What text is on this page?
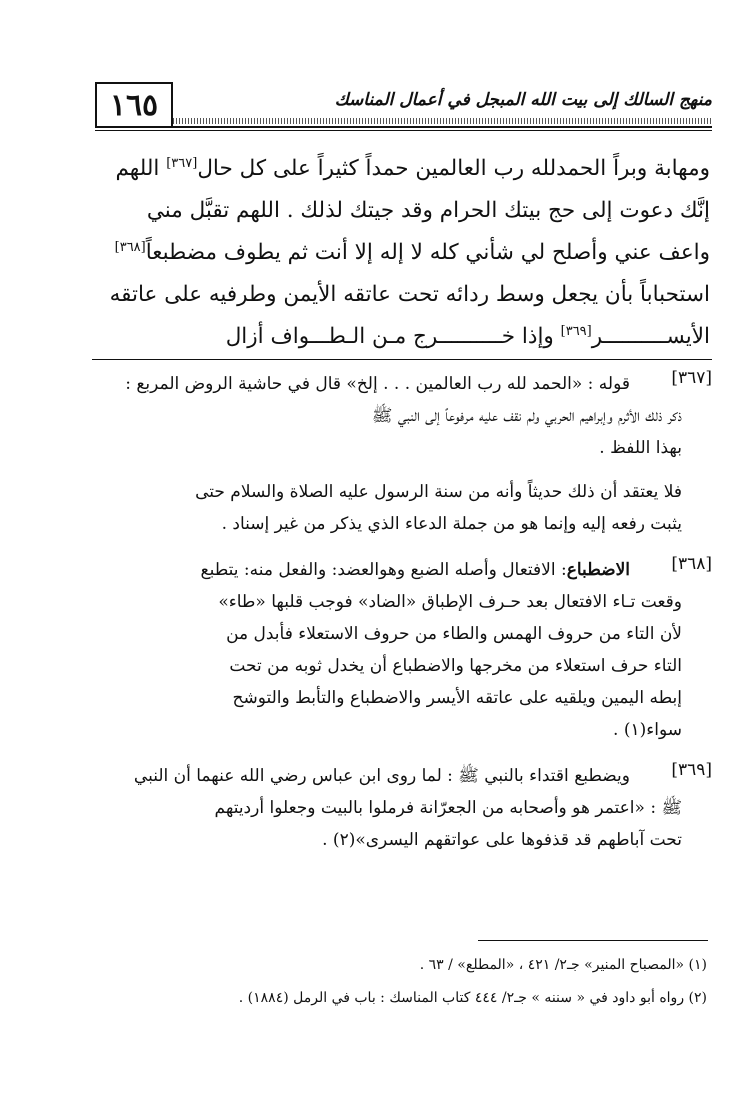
١٦٥	منهج السالك إلى بيت الله المبجل في أعمال المناسك
ومهابة وبراً الحمدلله رب العالمين حمداً كثيراً على كل حال[٣٦٧] اللهم
إنَّك دعوت إلى حج بيتك الحرام وقد جيتك لذلك . اللهم تقبَّل مني
واعف عني وأصلح لي شأني كله لا إله إلا أنت ثم يطوف مضطبعاً[٣٦٨]
استحباباً بأن يجعل وسط ردائه تحت عاتقه الأيمن وطرفيه على عاتقه
الأيســــــــــر[٣٦٩] وإذا خــــــــــرج مـن الـطـــواف أزال
[٣٦٧]
قوله : «الحمد لله رب العالمين . . . إلخ» قال في حاشية الروض المربع :
ذكر ذلك الأثرم وإبراهيم الحربي ولم نقف عليه مرفوعاً إلى النبي ﷺ
بهذا اللفظ .
فلا يعتقد أن ذلك حديثاً وأنه من سنة الرسول عليه الصلاة والسلام حتى
يثبت رفعه إليه وإنما هو من جملة الدعاء الذي يذكر من غير إسناد .
[٣٦٨]
الاضطباع: الافتعال وأصله الضبع وهوالعضد: والفعل منه: يتطبع
وقعت تـاء الافتعال بعد حـرف الإطباق «الضاد» فوجب قلبها «طاء»
لأن التاء من حروف الهمس والطاء من حروف الاستعلاء فأبدل من
التاء حرف استعلاء من مخرجها والاضطباع أن يخدل ثوبه من تحت
إبطه اليمين ويلقيه على عاتقه الأيسر والاضطباع والتأبط والتوشح
سواء(١) .
[٣٦٩]
ويضطبع اقتداء بالنبي ﷺ : لما روى ابن عباس رضي الله عنهما أن النبي
ﷺ : «اعتمر هو وأصحابه من الجعرّانة فرملوا بالبيت وجعلوا أرديتهم
تحت آباطهم قد قذفوها على عواتقهم اليسرى»(٢) .
(١) «المصباح المنير» جـ٢/ ٤٢١ ، «المطلع» / ٦٣ .
(٢) رواه أبو داود في « سننه » جـ٢/ ٤٤٤ كتاب المناسك : باب في الرمل (١٨٨٤) .
